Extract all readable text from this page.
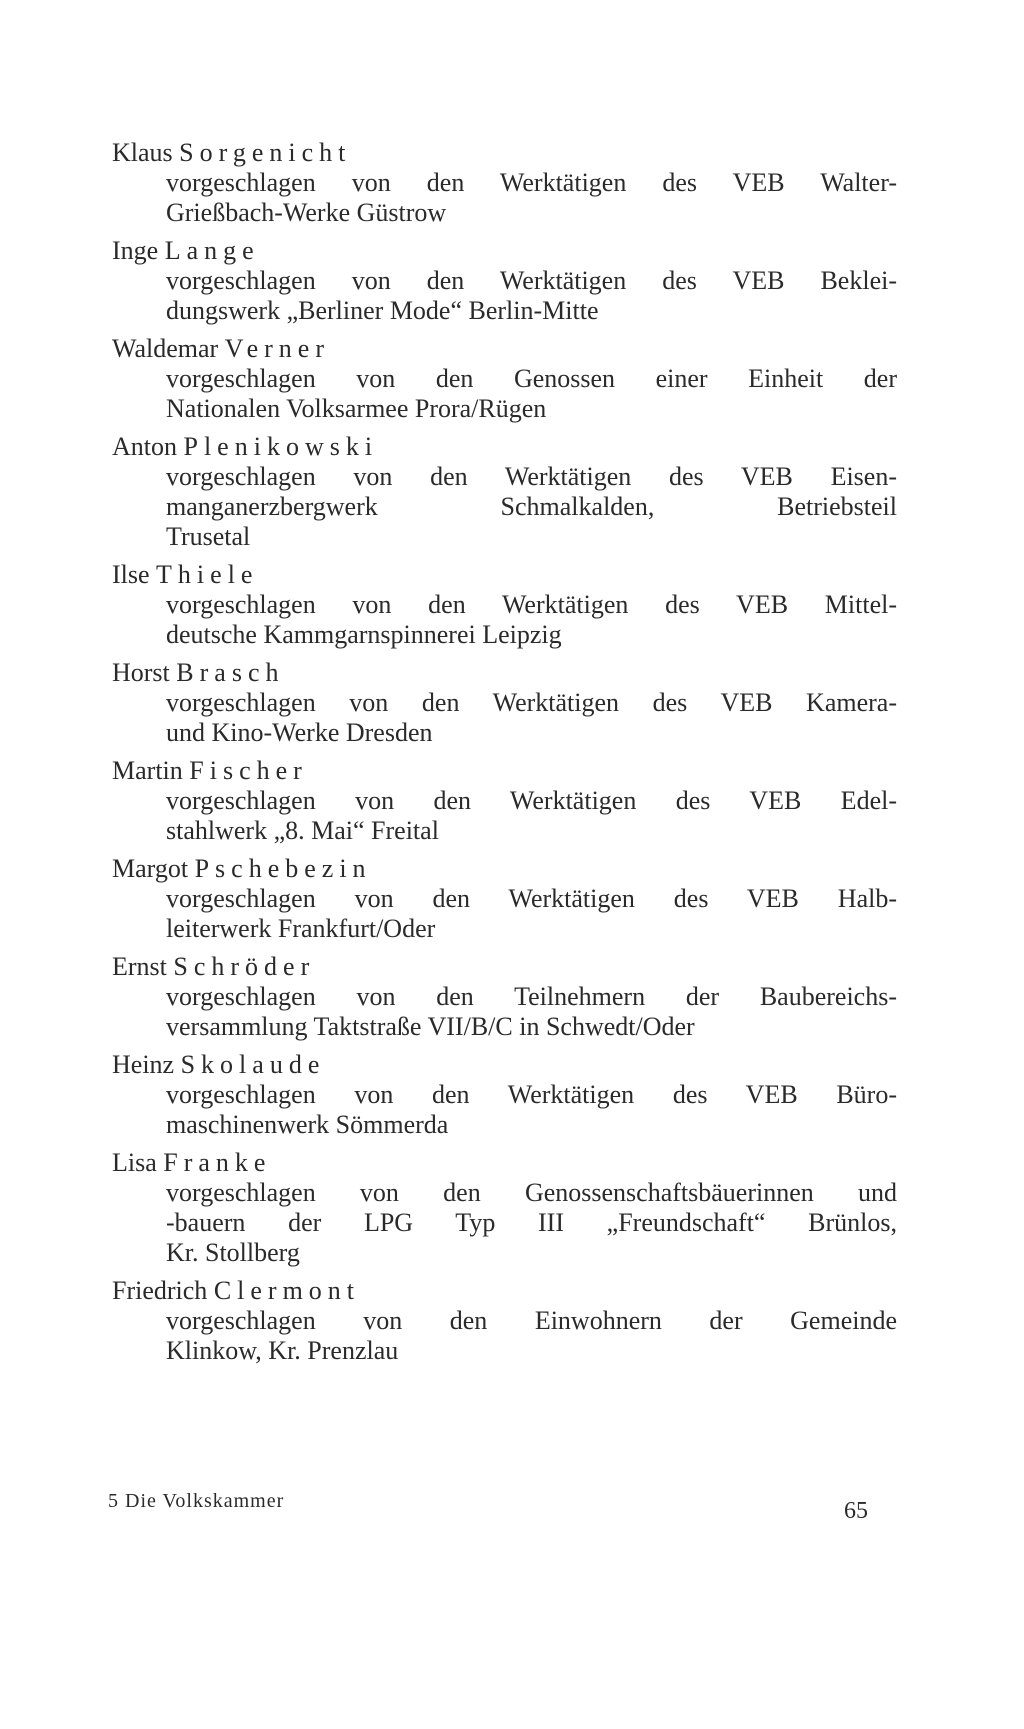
Klaus Sorgenicht
vorgeschlagen von den Werktätigen des VEB Walter-
Grießbach-Werke Güstrow
Inge Lange
vorgeschlagen von den Werktätigen des VEB Beklei-
dungswerk „Berliner Mode“ Berlin-Mitte
Waldemar Verner
vorgeschlagen von den Genossen einer Einheit der
Nationalen Volksarmee Prora/Rügen
Anton Plenikowski
vorgeschlagen von den Werktätigen des VEB Eisen-
manganerzbergwerk Schmalkalden, Betriebsteil
Trusetal
Ilse Thiele
vorgeschlagen von den Werktätigen des VEB Mittel-
deutsche Kammgarnspinnerei Leipzig
Horst Brasch
vorgeschlagen von den Werktätigen des VEB Kamera-
und Kino-Werke Dresden
Martin Fischer
vorgeschlagen von den Werktätigen des VEB Edel-
stahlwerk „8. Mai“ Freital
Margot Pschebezin
vorgeschlagen von den Werktätigen des VEB Halb-
leiterwerk Frankfurt/Oder
Ernst Schröder
vorgeschlagen von den Teilnehmern der Baubereichs-
versammlung Taktstraße VII/B/C in Schwedt/Oder
Heinz Skolaude
vorgeschlagen von den Werktätigen des VEB Büro-
maschinenwerk Sömmerda
Lisa Franke
vorgeschlagen von den Genossenschaftsbäuerinnen und
-bauern der LPG Typ III „Freundschaft“ Brünlos,
Kr. Stollberg
Friedrich Clermont
vorgeschlagen von den Einwohnern der Gemeinde
Klinkow, Kr. Prenzlau
5 Die Volkskammer	65
